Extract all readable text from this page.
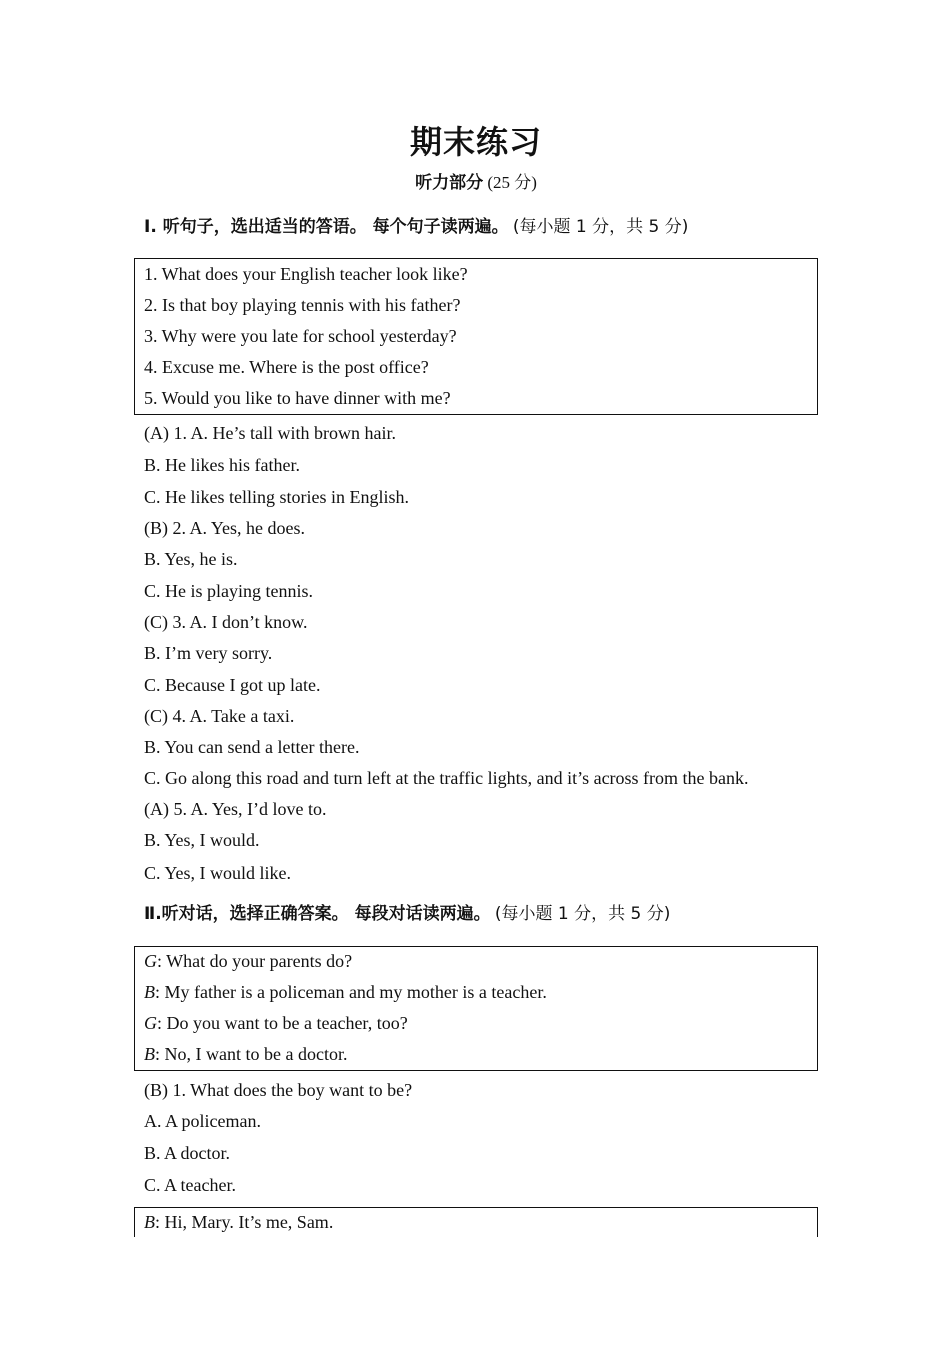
期末练习
听力部分 (25 分)
Ⅰ. 听句子，选出适当的答语。 每个句子读两遍。 (每小题 1 分，共 5 分)
1. What does your English teacher look like?
2. Is that boy playing tennis with his father?
3. Why were you late for school yesterday?
4. Excuse me. Where is the post office?
5. Would you like to have dinner with me?
(A) 1. A. He’s tall with brown hair.
B. He likes his father.
C. He likes telling stories in English.
(B) 2. A. Yes, he does.
B. Yes, he is.
C. He is playing tennis.
(C) 3. A. I don’t know.
B. I’m very sorry.
C. Because I got up late.
(C) 4. A. Take a taxi.
B. You can send a letter there.
C. Go along this road and turn left at the traffic lights, and it’s across from the bank.
(A) 5. A. Yes, I’d love to.
B. Yes, I would.
C. Yes, I would like.
Ⅱ.听对话，选择正确答案。 每段对话读两遍。 (每小题 1 分，共 5 分)
G: What do your parents do?
B: My father is a policeman and my mother is a teacher.
G: Do you want to be a teacher, too?
B: No, I want to be a doctor.
(B) 1. What does the boy want to be?
A. A policeman.
B. A doctor.
C. A teacher.
B: Hi, Mary. It’s me, Sam.
